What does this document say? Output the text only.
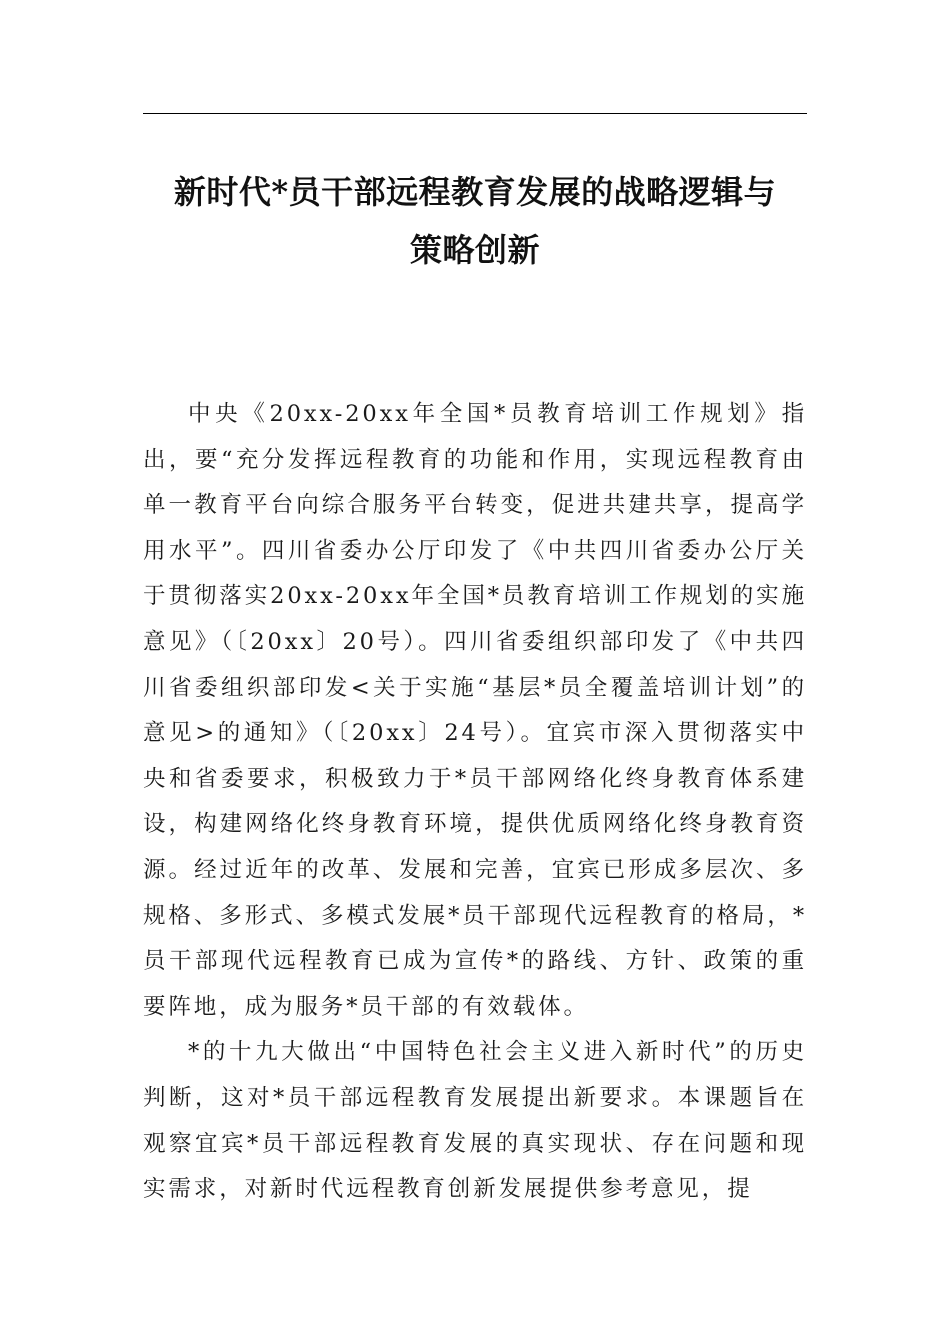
新时代*员干部远程教育发展的战略逻辑与
策略创新

中央《20xx-20xx年全国*员教育培训工作规划》指出，要“充分发挥远程教育的功能和作用，实现远程教育由单一教育平台向综合服务平台转变，促进共建共享，提高学用水平”。四川省委办公厅印发了《中共四川省委办公厅关于贯彻落实20xx-20xx年全国*员教育培训工作规划的实施意见》（〔20xx〕20号）。四川省委组织部印发了《中共四川省委组织部印发<关于实施“基层*员全覆盖培训计划”的意见>的通知》（〔20xx〕24号）。宜宾市深入贯彻落实中央和省委要求，积极致力于*员干部网络化终身教育体系建设，构建网络化终身教育环境，提供优质网络化终身教育资源。经过近年的改革、发展和完善，宜宾已形成多层次、多规格、多形式、多模式发展*员干部现代远程教育的格局，*员干部现代远程教育已成为宣传*的路线、方针、政策的重要阵地，成为服务*员干部的有效载体。

*的十九大做出“中国特色社会主义进入新时代”的历史判断，这对*员干部远程教育发展提出新要求。本课题旨在观察宜宾*员干部远程教育发展的真实现状、存在问题和现实需求，对新时代远程教育创新发展提供参考意见，提
